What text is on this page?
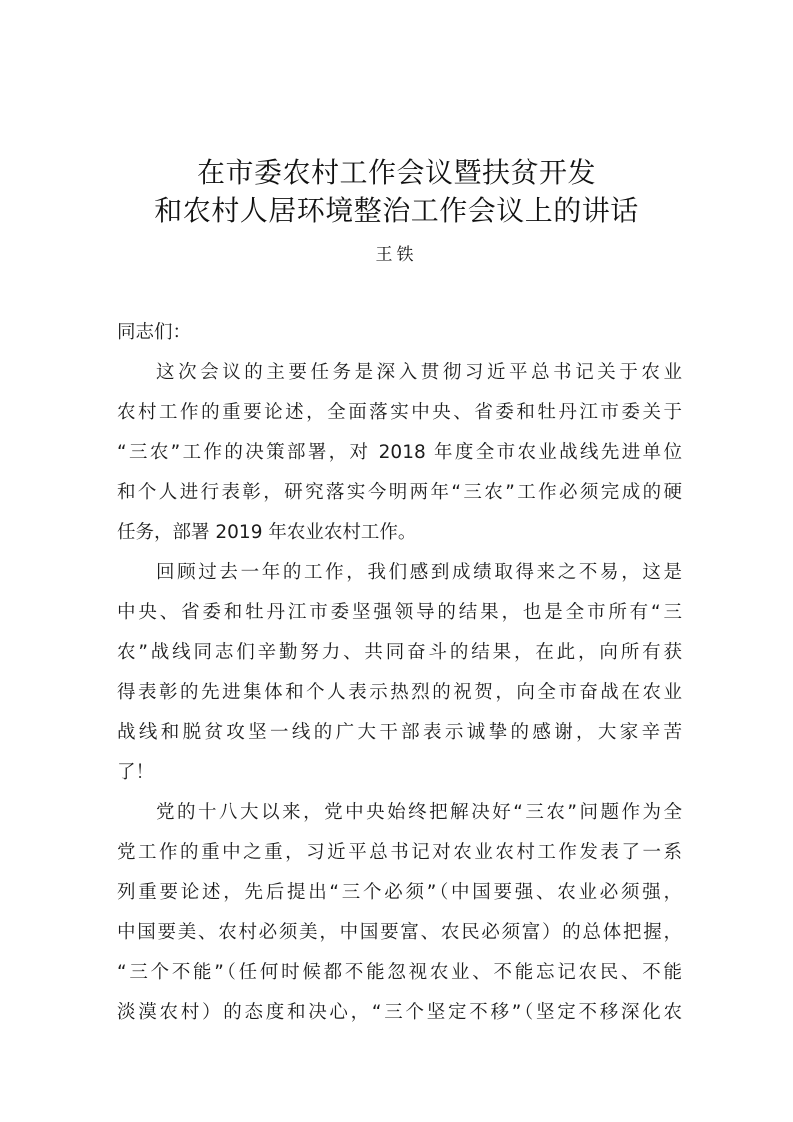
在市委农村工作会议暨扶贫开发
和农村人居环境整治工作会议上的讲话
王铁
同志们：
这次会议的主要任务是深入贯彻习近平总书记关于农业
农村工作的重要论述，全面落实中央、省委和牡丹江市委关于
“三农”工作的决策部署，对 2018 年度全市农业战线先进单位
和个人进行表彰，研究落实今明两年“三农”工作必须完成的硬
任务，部署 2019 年农业农村工作。
回顾过去一年的工作，我们感到成绩取得来之不易，这是
中央、省委和牡丹江市委坚强领导的结果，也是全市所有“三
农”战线同志们辛勤努力、共同奋斗的结果，在此，向所有获
得表彰的先进集体和个人表示热烈的祝贺，向全市奋战在农业
战线和脱贫攻坚一线的广大干部表示诚挚的感谢，大家辛苦
了！
党的十八大以来，党中央始终把解决好“三农”问题作为全
党工作的重中之重，习近平总书记对农业农村工作发表了一系
列重要论述，先后提出“三个必须”（中国要强、农业必须强，
中国要美、农村必须美，中国要富、农民必须富）的总体把握，
“三个不能”（任何时候都不能忽视农业、不能忘记农民、不能
淡漠农村）的态度和决心，“三个坚定不移”（坚定不移深化农
